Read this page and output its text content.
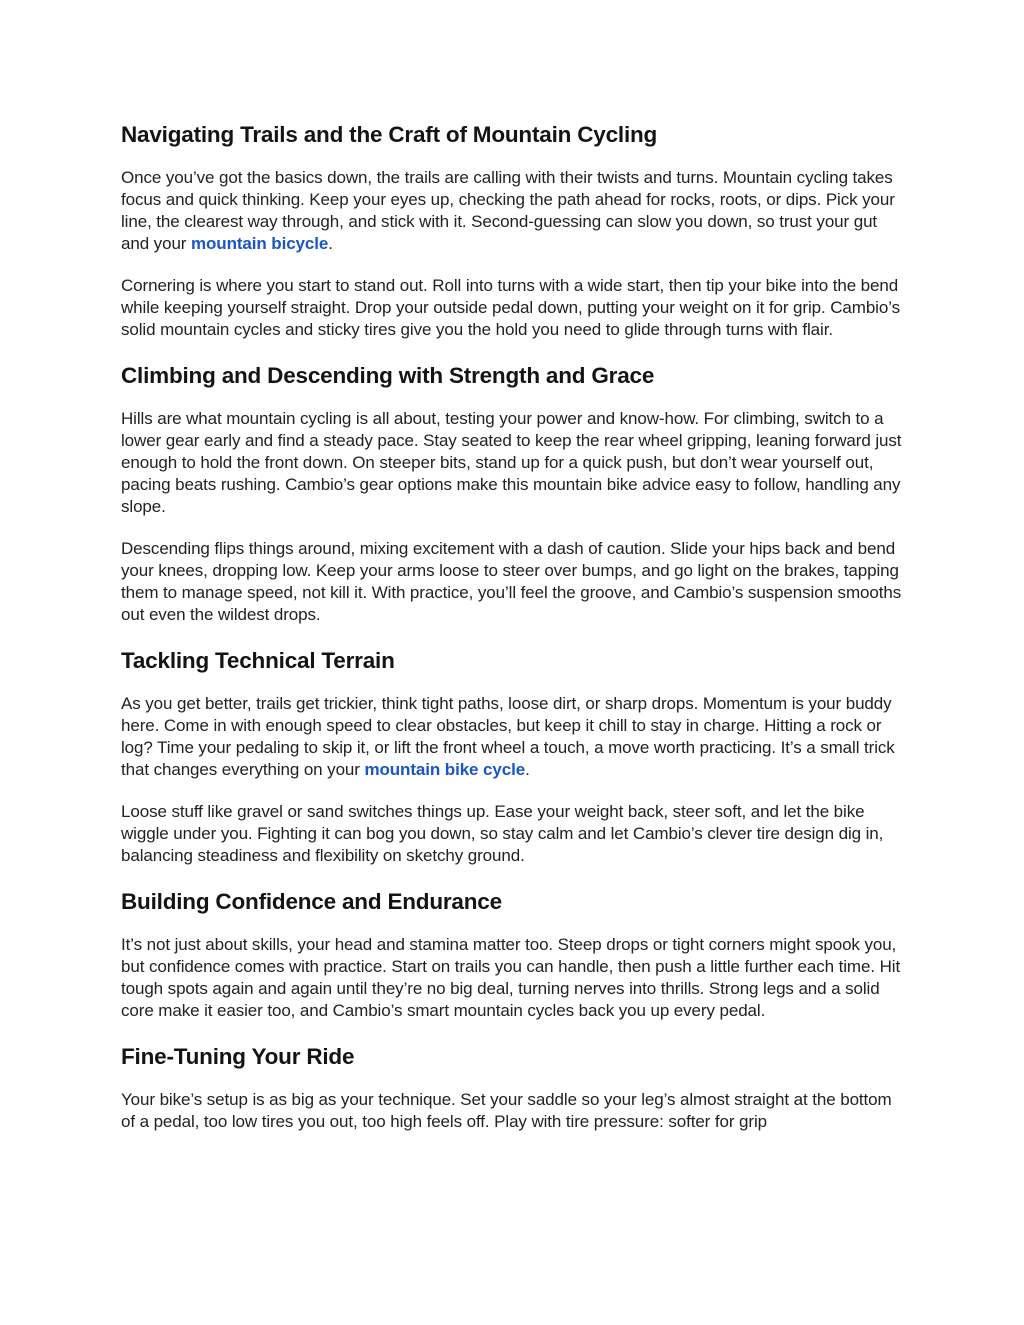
Navigating Trails and the Craft of Mountain Cycling

Once you’ve got the basics down, the trails are calling with their twists and turns. Mountain cycling takes focus and quick thinking. Keep your eyes up, checking the path ahead for rocks, roots, or dips. Pick your line, the clearest way through, and stick with it. Second-guessing can slow you down, so trust your gut and your mountain bicycle.

Cornering is where you start to stand out. Roll into turns with a wide start, then tip your bike into the bend while keeping yourself straight. Drop your outside pedal down, putting your weight on it for grip. Cambio’s solid mountain cycles and sticky tires give you the hold you need to glide through turns with flair.

Climbing and Descending with Strength and Grace

Hills are what mountain cycling is all about, testing your power and know-how. For climbing, switch to a lower gear early and find a steady pace. Stay seated to keep the rear wheel gripping, leaning forward just enough to hold the front down. On steeper bits, stand up for a quick push, but don’t wear yourself out, pacing beats rushing. Cambio’s gear options make this mountain bike advice easy to follow, handling any slope.

Descending flips things around, mixing excitement with a dash of caution. Slide your hips back and bend your knees, dropping low. Keep your arms loose to steer over bumps, and go light on the brakes, tapping them to manage speed, not kill it. With practice, you’ll feel the groove, and Cambio’s suspension smooths out even the wildest drops.

Tackling Technical Terrain

As you get better, trails get trickier, think tight paths, loose dirt, or sharp drops. Momentum is your buddy here. Come in with enough speed to clear obstacles, but keep it chill to stay in charge. Hitting a rock or log? Time your pedaling to skip it, or lift the front wheel a touch, a move worth practicing. It’s a small trick that changes everything on your mountain bike cycle.

Loose stuff like gravel or sand switches things up. Ease your weight back, steer soft, and let the bike wiggle under you. Fighting it can bog you down, so stay calm and let Cambio’s clever tire design dig in, balancing steadiness and flexibility on sketchy ground.

Building Confidence and Endurance

It’s not just about skills, your head and stamina matter too. Steep drops or tight corners might spook you, but confidence comes with practice. Start on trails you can handle, then push a little further each time. Hit tough spots again and again until they’re no big deal, turning nerves into thrills. Strong legs and a solid core make it easier too, and Cambio’s smart mountain cycles back you up every pedal.

Fine-Tuning Your Ride

Your bike’s setup is as big as your technique. Set your saddle so your leg’s almost straight at the bottom of a pedal, too low tires you out, too high feels off. Play with tire pressure: softer for grip
